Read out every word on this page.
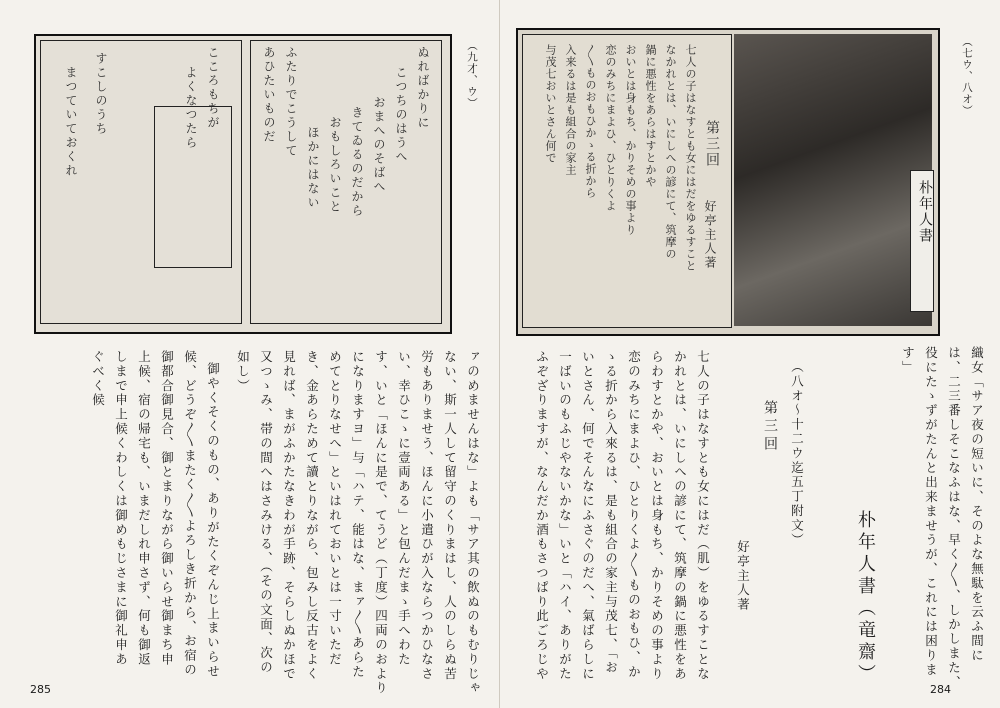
ぬればかりに
こつちのはうへ
おまへのそばへ
きてゐるのだから
おもしろいこと
ほかにはない
ふたりでこうして
あひたいものだ
こころもちが
よくなつたら
すこしのうち
まつていておくれ	（九才、ウ）
ァのめませんはな」よも「サア其の飲ぬのもむりじゃ
ない、斯一人して留守のくりまはし、人のしらぬ苦
労もありませう、ほんに小遣ひが入ならつかひなさ
い、幸ひこゝに壹両ある」と包んだまゝ手へわた
す、いと「ほんに是で、てうど（丁度）四両のおより
になりますヨ」与「ハテ、能はな、まァ〳〵あらた
めてとりなせへ」といはれておいとは一寸いただ
き、金あらためて讀とりながら、包みし反古をよく
見れば、まがふかたなきわが手跡、そらしぬかほで
又つゝみ、帯の間へはさみける、（その文面、次の
如し）
御やくそくのもの、ありがたくぞんじ上まいらせ
候、どうぞ〳〵またく〳〵よろしき折から、お宿の
御都合御見合、御とまりながら御いらせ御まち申
上候、宿の帰宅も、いまだしれ申さず、何も御返
しまで申上候くわしくは御めもじさまに御礼申あ
ぐべく候
285
朴年人書
第三回
好亭主人著
七人の子はなすとも女にはだをゆるすこと
なかれとは、いにしへの諺にて、筑摩の
鍋に悪性をあらはすとかや
おいとは身もち、かりそめの事より
恋のみちにまよひ、ひとりくよ
〳〵ものおもひかゝる折から
入来るは是も組合の家主
与茂七おいとさん何で	（七ウ、八オ）
織女「サア夜の短いに、そのよな無駄を云ふ間に
は、二三番しそこなふはな、早く〳〵、しかしまた、
役にたゝずがたんと出来ませうが、これには困りま
す」
朴年人書（竜齋）
（八オ〜十二ウ迄五丁附文）
第三回
好亭主人著
七人の子はなすとも女にはだ（肌）をゆるすことな
かれとは、いにしへの諺にて、筑摩の鍋に悪性をあ
らわすとかや、おいとは身もち、かりそめの事より
恋のみちにまよひ、ひとりくよ〳〵ものおもひ、か
ゝる折から入來るは、是も組合の家主与茂七、「お
いとさん、何でそんなにふさぐのだへ、氣ばらしに
一ばいのもふじやないかな」いと「ハイ、ありがた
ふぞざりますが、なんだか酒もさつぱり此ごろじや
284
